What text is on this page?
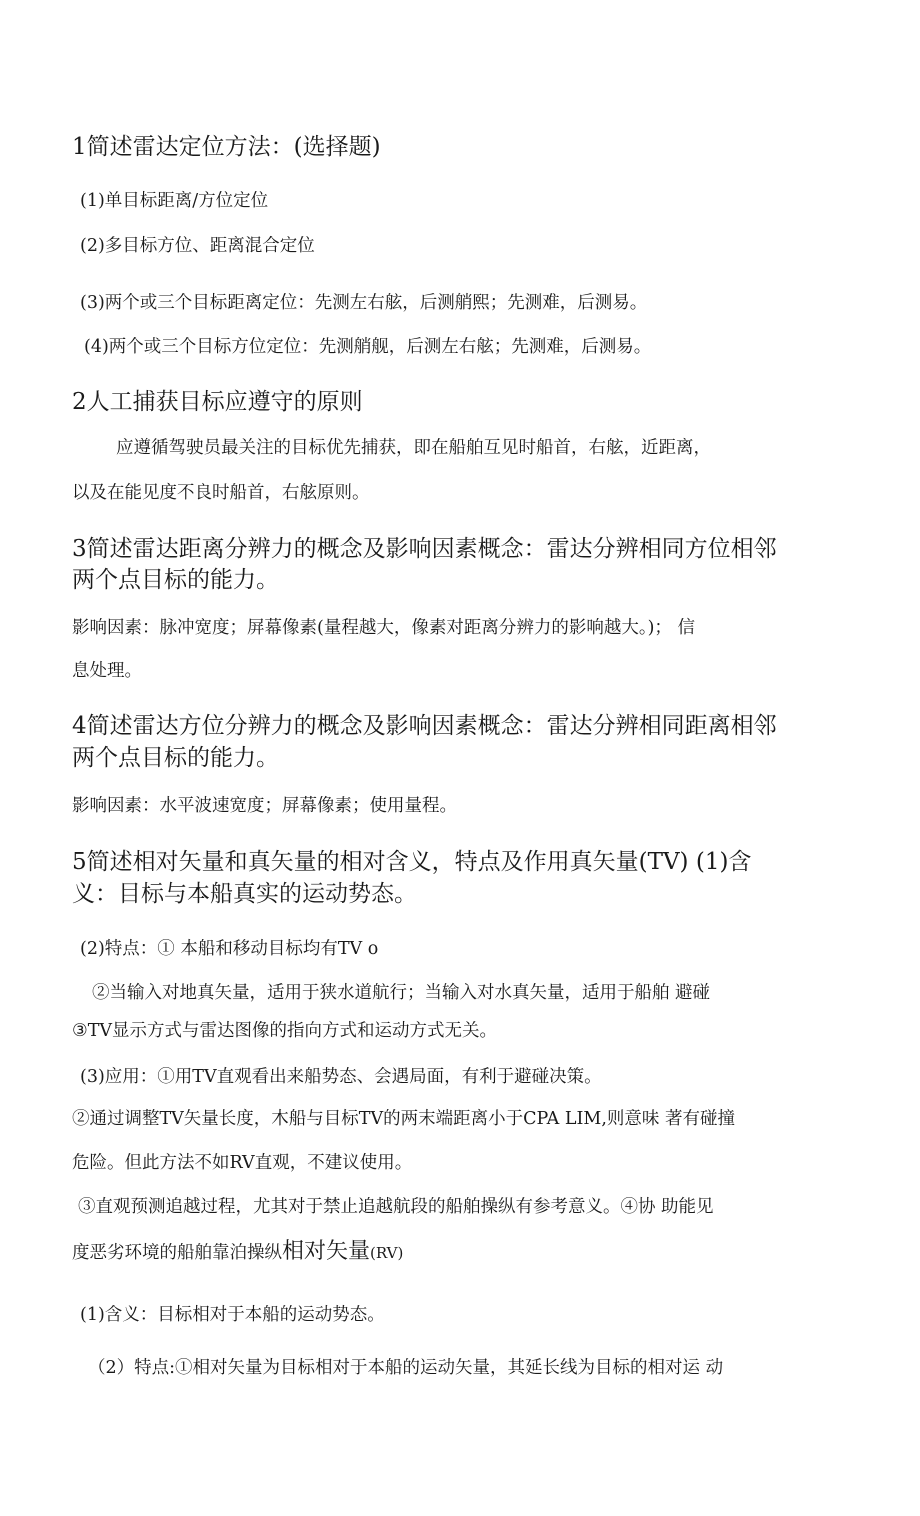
1简述雷达定位方法：(选择题)

(1)单目标距离/方位定位

(2)多目标方位、距离混合定位

(3)两个或三个目标距离定位：先测左右舷，后测艄熙；先测难，后测易。

(4)两个或三个目标方位定位：先测艄舰，后测左右舷；先测难，后测易。

2人工捕获目标应遵守的原则

应遵循驾驶员最关注的目标优先捕获，即在船舶互见时船首，右舷，近距离，

以及在能见度不良时船首，右舷原则。

3简述雷达距离分辨力的概念及影响因素概念：雷达分辨相同方位相邻
两个点目标的能力。

影响因素：脉冲宽度；屏幕像素(量程越大，像素对距离分辨力的影响越大。)； 信

息处理。

4简述雷达方位分辨力的概念及影响因素概念：雷达分辨相同距离相邻
两个点目标的能力。

影响因素：水平波速宽度；屏幕像素；使用量程。

5简述相对矢量和真矢量的相对含义，特点及作用真矢量(TV) (1)含
义：目标与本船真实的运动势态。

(2)特点：① 本船和移动目标均有TV o

②当输入对地真矢量，适用于狭水道航行；当输入对水真矢量，适用于船舶 避碰

③TV显示方式与雷达图像的指向方式和运动方式无关。

(3)应用：①用TV直观看出来船势态、会遇局面，有利于避碰决策。

②通过调整TV矢量长度，木船与目标TV的两末端距离小于CPA LIM,则意味 著有碰撞

危险。但此方法不如RV直观，不建议使用。

③直观预测追越过程，尤其对于禁止追越航段的船舶操纵有参考意义。④协 助能见

度恶劣环境的船舶靠泊操纵相对矢量(RV)

(1)含义：目标相对于本船的运动势态。

（2）特点:①相对矢量为目标相对于本船的运动矢量，其延长线为目标的相对运 动
